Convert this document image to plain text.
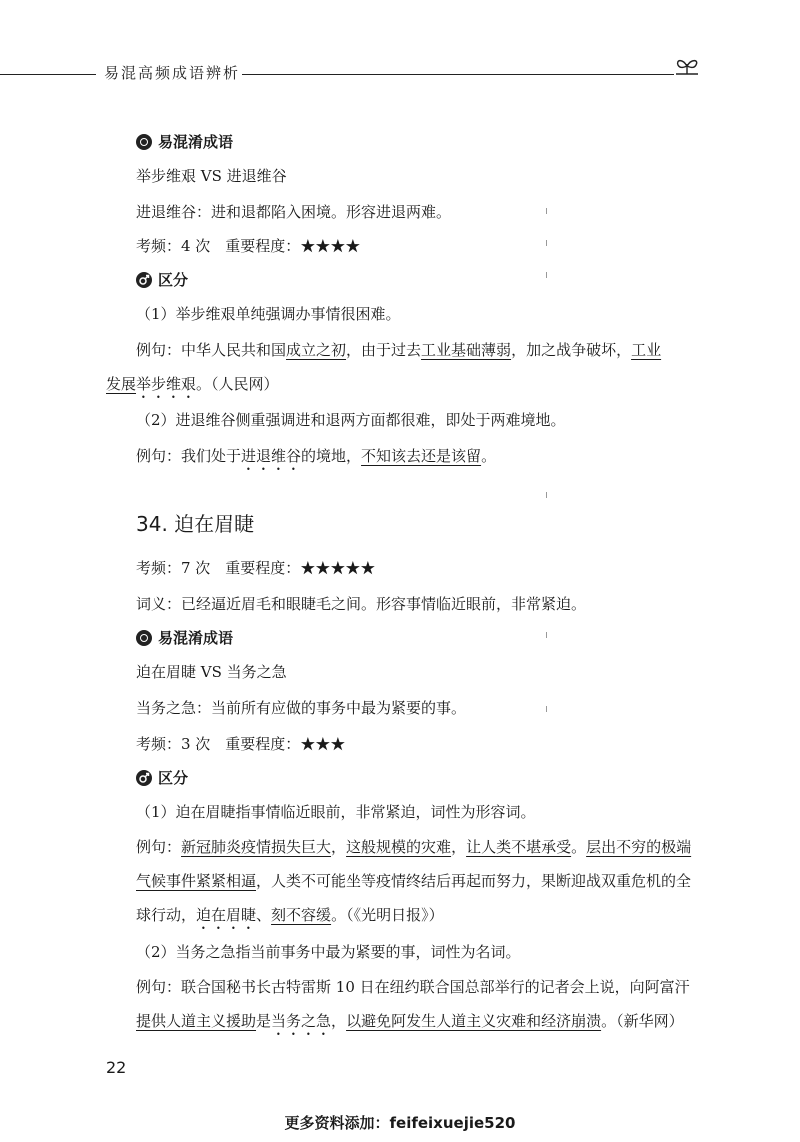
易混高频成语辨析
易混淆成语
举步维艰 VS 进退维谷
进退维谷：进和退都陷入困境。形容进退两难。
考频：4 次　重要程度：★★★★
区分
（1）举步维艰单纯强调办事情很困难。
例句：中华人民共和国成立之初，由于过去工业基础薄弱，加之战争破坏，工业
发展举步维艰。（人民网）
（2）进退维谷侧重强调进和退两方面都很难，即处于两难境地。
例句：我们处于进退维谷的境地，不知该去还是该留。
34. 迫在眉睫
考频：7 次　重要程度：★★★★★
词义：已经逼近眉毛和眼睫毛之间。形容事情临近眼前，非常紧迫。
易混淆成语
迫在眉睫 VS 当务之急
当务之急：当前所有应做的事务中最为紧要的事。
考频：3 次　重要程度：★★★
区分
（1）迫在眉睫指事情临近眼前，非常紧迫，词性为形容词。
例句：新冠肺炎疫情损失巨大，这般规模的灾难，让人类不堪承受。层出不穷的极端气候事件紧紧相逼，人类不可能坐等疫情终结后再起而努力，果断迎战双重危机的全球行动，迫在眉睫、刻不容缓。（《光明日报》）
（2）当务之急指当前事务中最为紧要的事，词性为名词。
例句：联合国秘书长古特雷斯 10 日在纽约联合国总部举行的记者会上说，向阿富汗提供人道主义援助是当务之急，以避免阿发生人道主义灾难和经济崩溃。（新华网）
22
更多资料添加：feifeixuejie520
